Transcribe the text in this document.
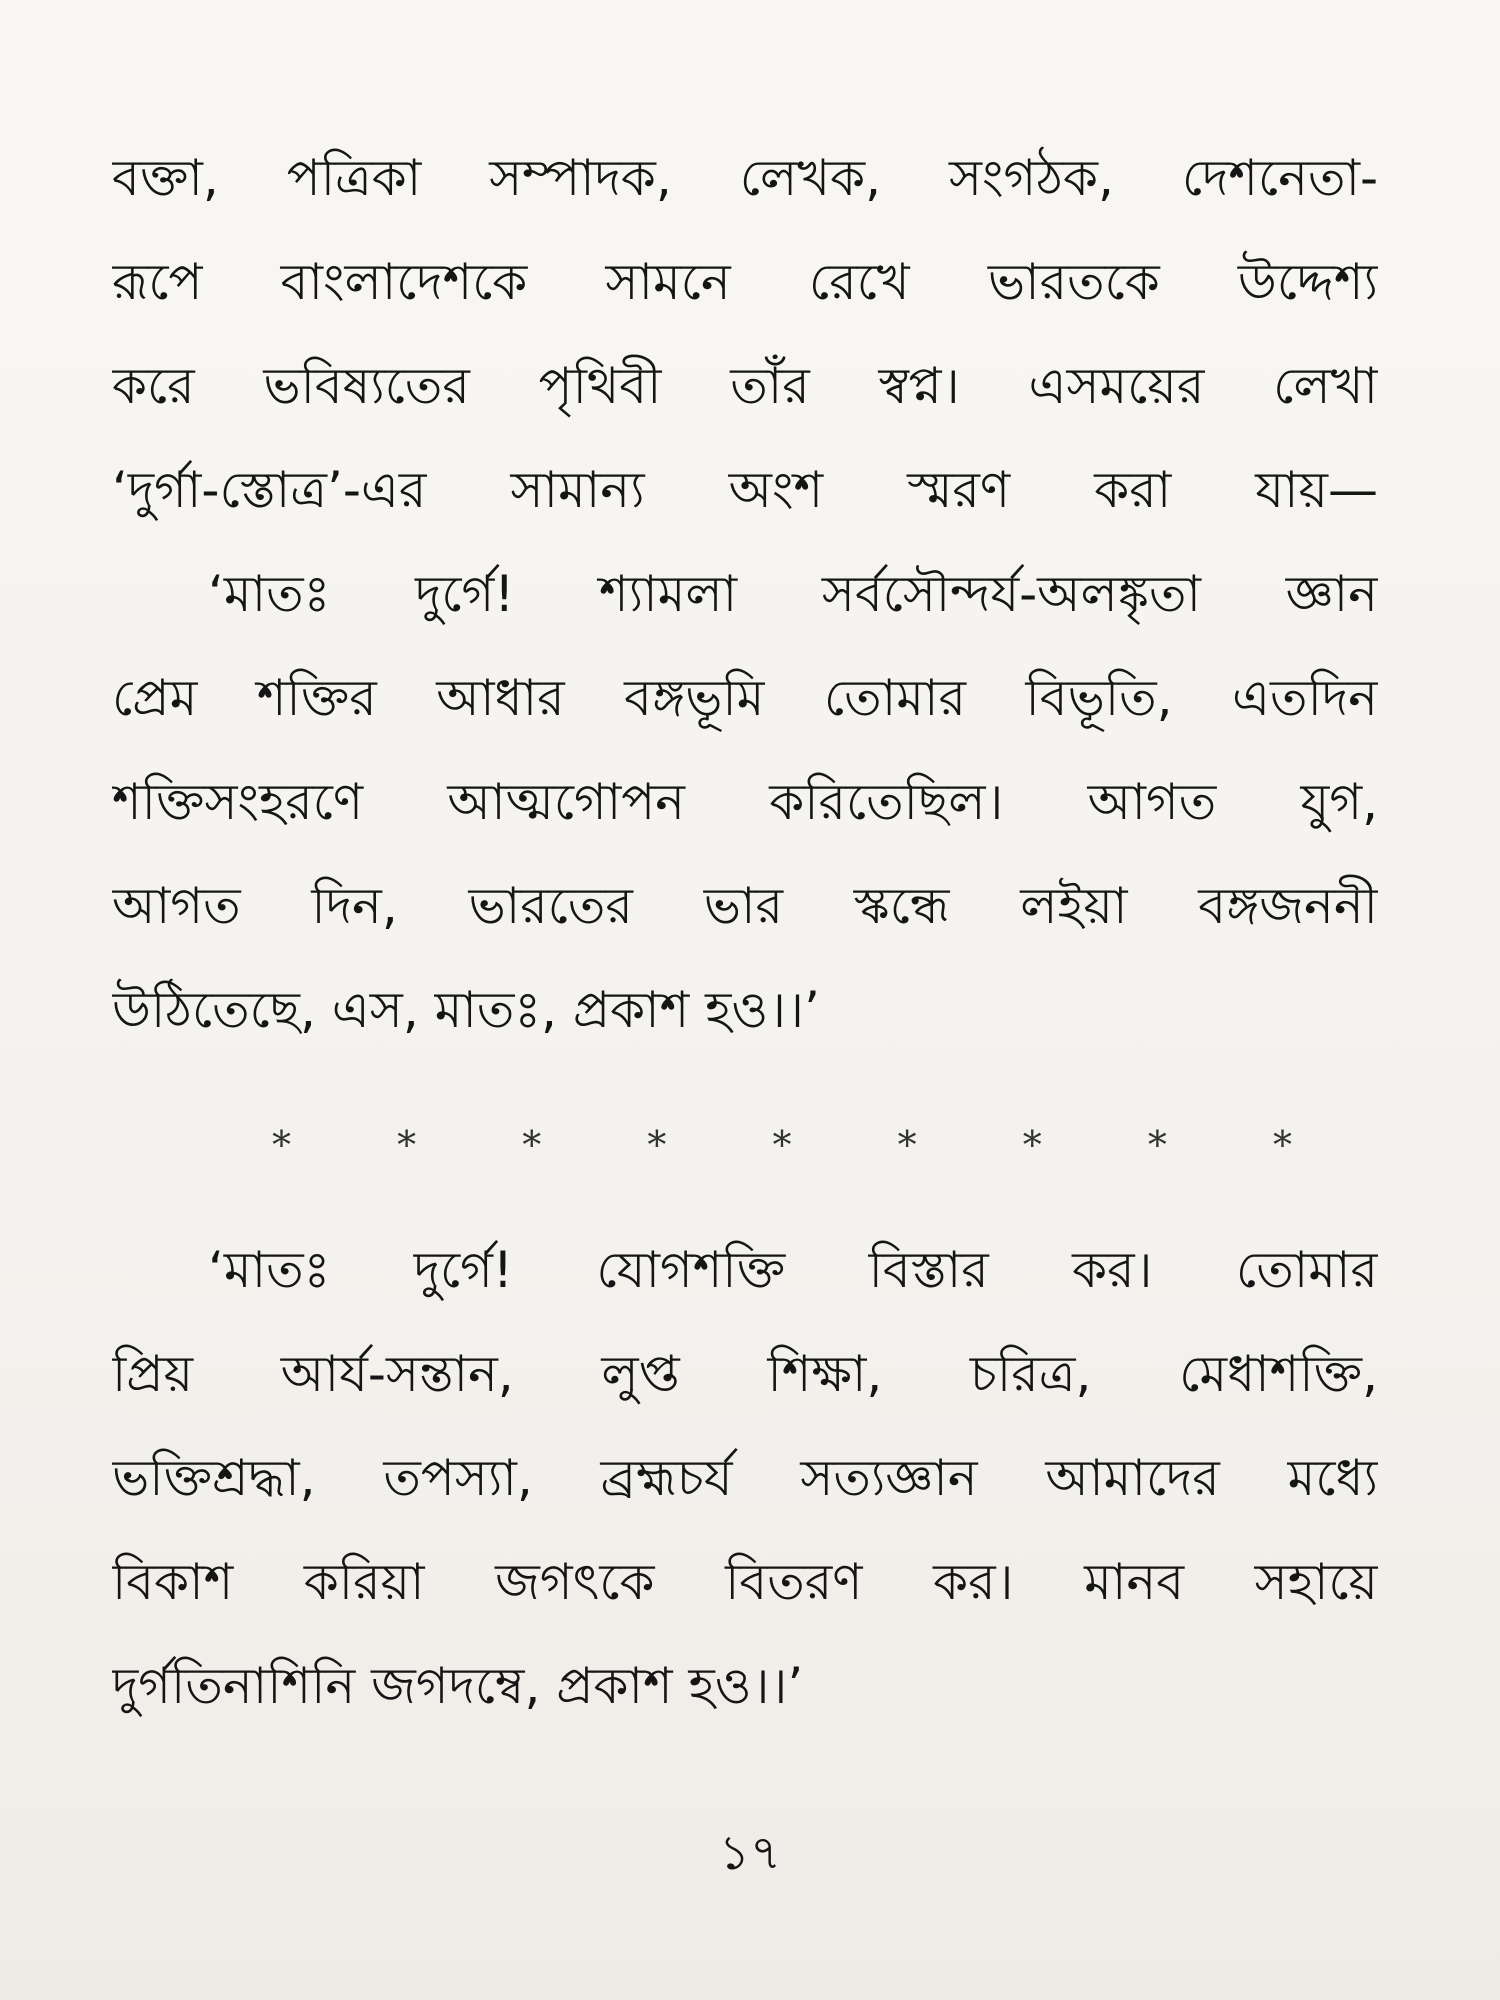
বক্তা, পত্রিকা সম্পাদক, লেখক, সংগঠক, দেশনেতা-
রূপে বাংলাদেশকে সামনে রেখে ভারতকে উদ্দেশ্য
করে ভবিষ্যতের পৃথিবী তাঁর স্বপ্ন। এসময়ের লেখা
‘দুর্গা-স্তোত্র’-এর সামান্য অংশ স্মরণ করা যায়—
‘মাতঃ দুর্গে! শ্যামলা সর্বসৌন্দর্য-অলঙ্কৃতা জ্ঞান
প্রেম শক্তির আধার বঙ্গভূমি তোমার বিভূতি, এতদিন
শক্তিসংহরণে আত্মগোপন করিতেছিল। আগত যুগ,
আগত দিন, ভারতের ভার স্কন্ধে লইয়া বঙ্গজননী
উঠিতেছে, এস, মাতঃ, প্রকাশ হও।।’
*	*	*	*	*	*	*	*	*
‘মাতঃ দুর্গে! যোগশক্তি বিস্তার কর। তোমার
প্রিয় আর্য-সন্তান, লুপ্ত শিক্ষা, চরিত্র, মেধাশক্তি,
ভক্তিশ্রদ্ধা, তপস্যা, ব্রহ্মচর্য সত্যজ্ঞান আমাদের মধ্যে
বিকাশ করিয়া জগৎকে বিতরণ কর। মানব সহায়ে
দুর্গতিনাশিনি জগদম্বে, প্রকাশ হও।।’
১৭
